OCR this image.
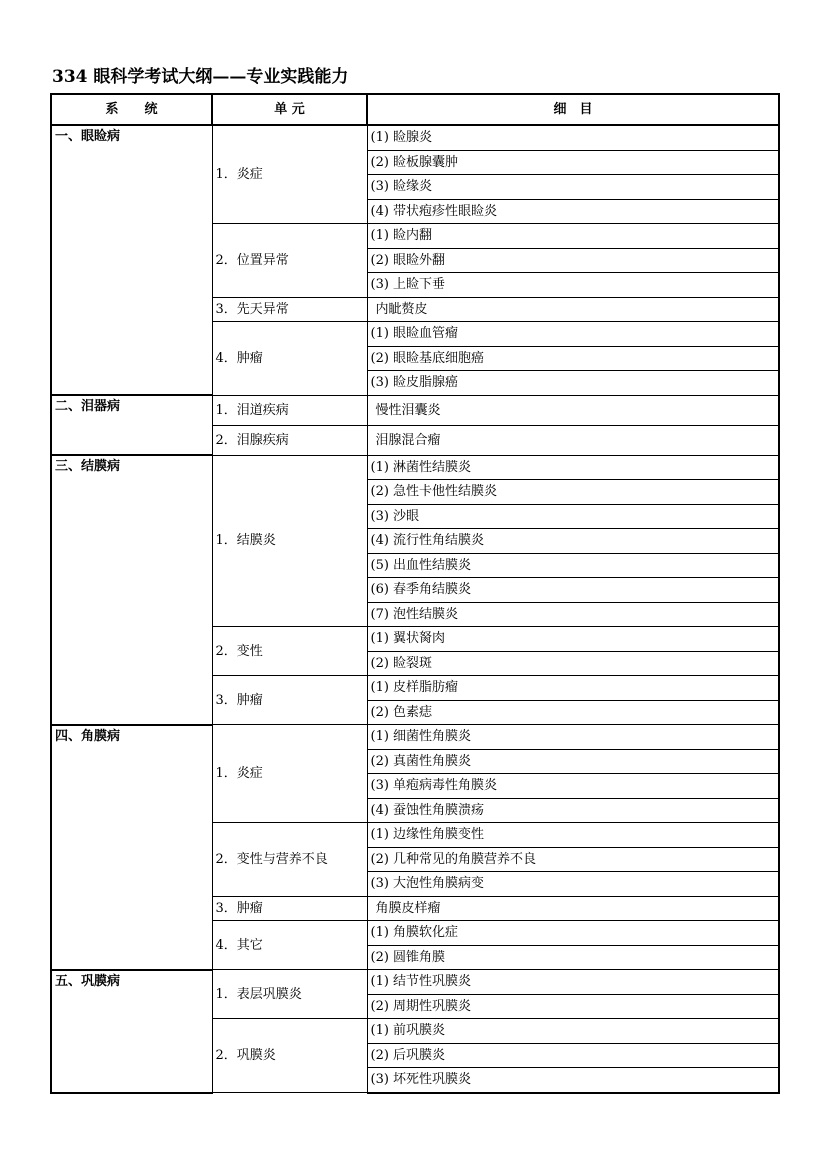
334 眼科学考试大纲——专业实践能力
系　　统	单 元	细　目
一、眼睑病	1．炎症	(1) 睑腺炎
		(2) 睑板腺囊肿
		(3) 睑缘炎
		(4) 带状疱疹性眼睑炎
	2．位置异常	(1) 睑内翻
		(2) 眼睑外翻
		(3) 上睑下垂
	3．先天异常	内眦赘皮
	4．肿瘤	(1) 眼睑血管瘤
		(2) 眼睑基底细胞癌
		(3) 睑皮脂腺癌
二、泪器病	1．泪道疾病	慢性泪囊炎
	2．泪腺疾病	泪腺混合瘤
三、结膜病	1．结膜炎	(1) 淋菌性结膜炎
		(2) 急性卡他性结膜炎
		(3) 沙眼
		(4) 流行性角结膜炎
		(5) 出血性结膜炎
		(6) 春季角结膜炎
		(7) 泡性结膜炎
	2．变性	(1) 翼状胬肉
		(2) 睑裂斑
	3．肿瘤	(1) 皮样脂肪瘤
		(2) 色素痣
四、角膜病	1．炎症	(1) 细菌性角膜炎
		(2) 真菌性角膜炎
		(3) 单疱病毒性角膜炎
		(4) 蚕蚀性角膜溃疡
	2．变性与营养不良	(1) 边缘性角膜变性
		(2) 几种常见的角膜营养不良
		(3) 大泡性角膜病变
	3．肿瘤	角膜皮样瘤
	4．其它	(1) 角膜软化症
		(2) 圆锥角膜
五、巩膜病	1．表层巩膜炎	(1) 结节性巩膜炎
		(2) 周期性巩膜炎
	2．巩膜炎	(1) 前巩膜炎
		(2) 后巩膜炎
		(3) 坏死性巩膜炎
